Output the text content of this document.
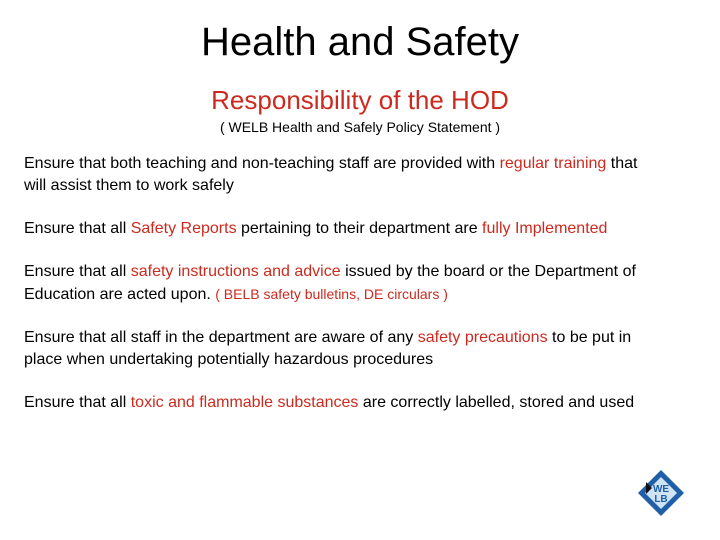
Health and Safety
Responsibility of the HOD
( WELB Health and Safely Policy Statement )

Ensure that both teaching and non-teaching staff are provided with regular training that will assist them to work safely

Ensure that all Safety Reports pertaining to their department are fully Implemented

Ensure that all safety instructions and advice issued by the board or the Department of Education are acted upon. ( BELB safety bulletins, DE circulars )

Ensure that all staff in the department are aware of any safety precautions to be put in place when undertaking potentially hazardous procedures

Ensure that all toxic and flammable substances are correctly labelled, stored and used

WE
LB
